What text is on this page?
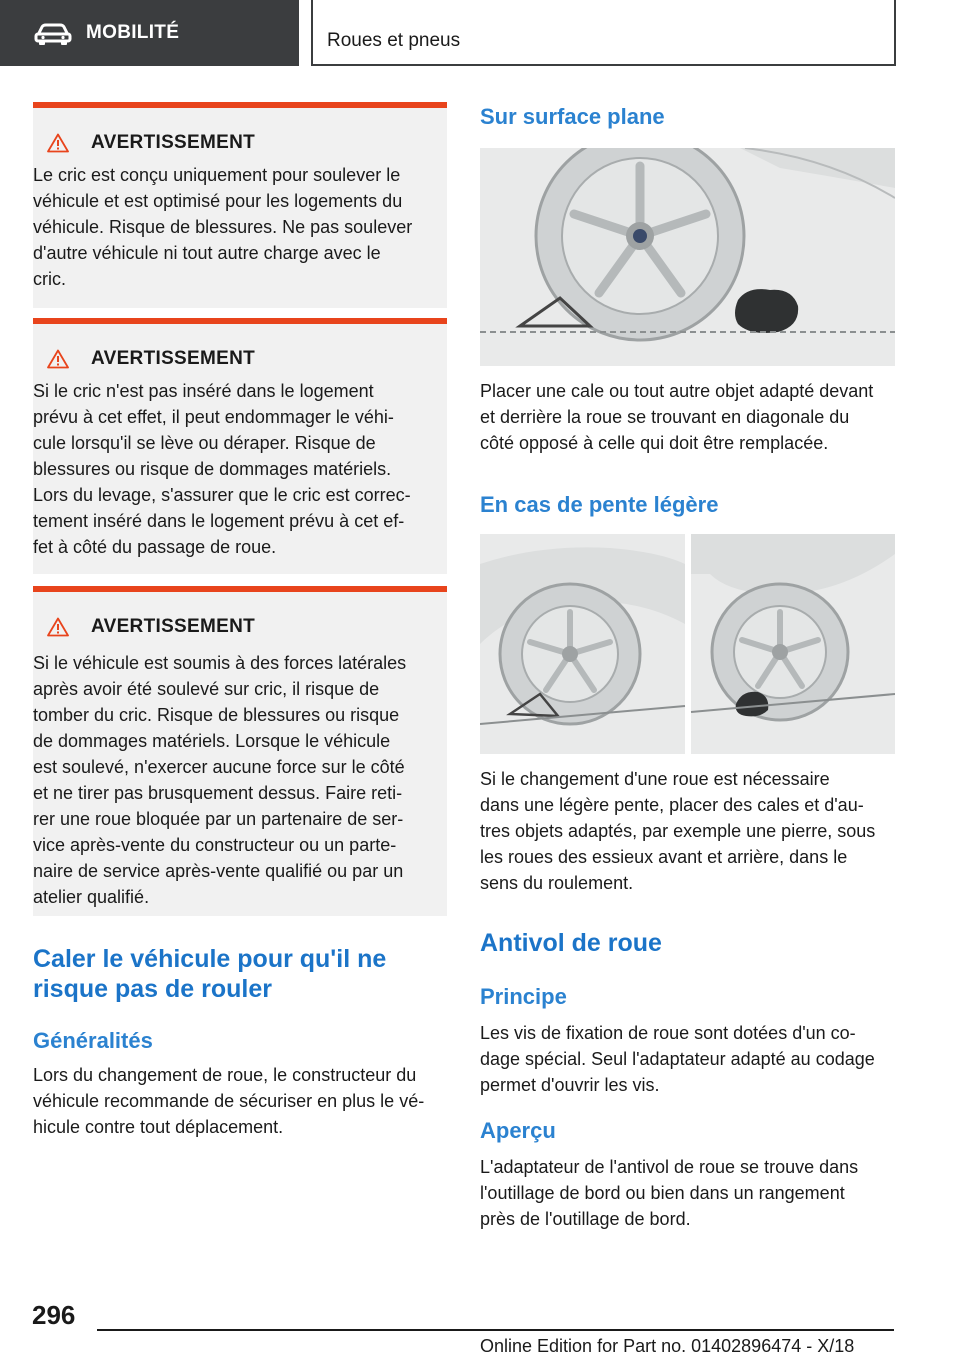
MOBILITÉ	Roues et pneus
AVERTISSEMENT
Le cric est conçu uniquement pour soulever le
véhicule et est optimisé pour les logements du
véhicule. Risque de blessures. Ne pas soulever
d'autre véhicule ni tout autre charge avec le
cric.
AVERTISSEMENT
Si le cric n'est pas inséré dans le logement
prévu à cet effet, il peut endommager le véhi-
cule lorsqu'il se lève ou déraper. Risque de
blessures ou risque de dommages matériels.
Lors du levage, s'assurer que le cric est correc-
tement inséré dans le logement prévu à cet ef-
fet à côté du passage de roue.
AVERTISSEMENT
Si le véhicule est soumis à des forces latérales
après avoir été soulevé sur cric, il risque de
tomber du cric. Risque de blessures ou risque
de dommages matériels. Lorsque le véhicule
est soulevé, n'exercer aucune force sur le côté
et ne tirer pas brusquement dessus. Faire reti-
rer une roue bloquée par un partenaire de ser-
vice après-vente du constructeur ou un parte-
naire de service après-vente qualifié ou par un
atelier qualifié.
Caler le véhicule pour qu'il ne
risque pas de rouler
Généralités
Lors du changement de roue, le constructeur du
véhicule recommande de sécuriser en plus le vé-
hicule contre tout déplacement.
Sur surface plane
Placer une cale ou tout autre objet adapté devant
et derrière la roue se trouvant en diagonale du
côté opposé à celle qui doit être remplacée.
En cas de pente légère
Si le changement d'une roue est nécessaire
dans une légère pente, placer des cales et d'au-
tres objets adaptés, par exemple une pierre, sous
les roues des essieux avant et arrière, dans le
sens du roulement.
Antivol de roue
Principe
Les vis de fixation de roue sont dotées d'un co-
dage spécial. Seul l'adaptateur adapté au codage
permet d'ouvrir les vis.
Aperçu
L'adaptateur de l'antivol de roue se trouve dans
l'outillage de bord ou bien dans un rangement
près de l'outillage de bord.
296
Online Edition for Part no. 01402896474 - X/18
